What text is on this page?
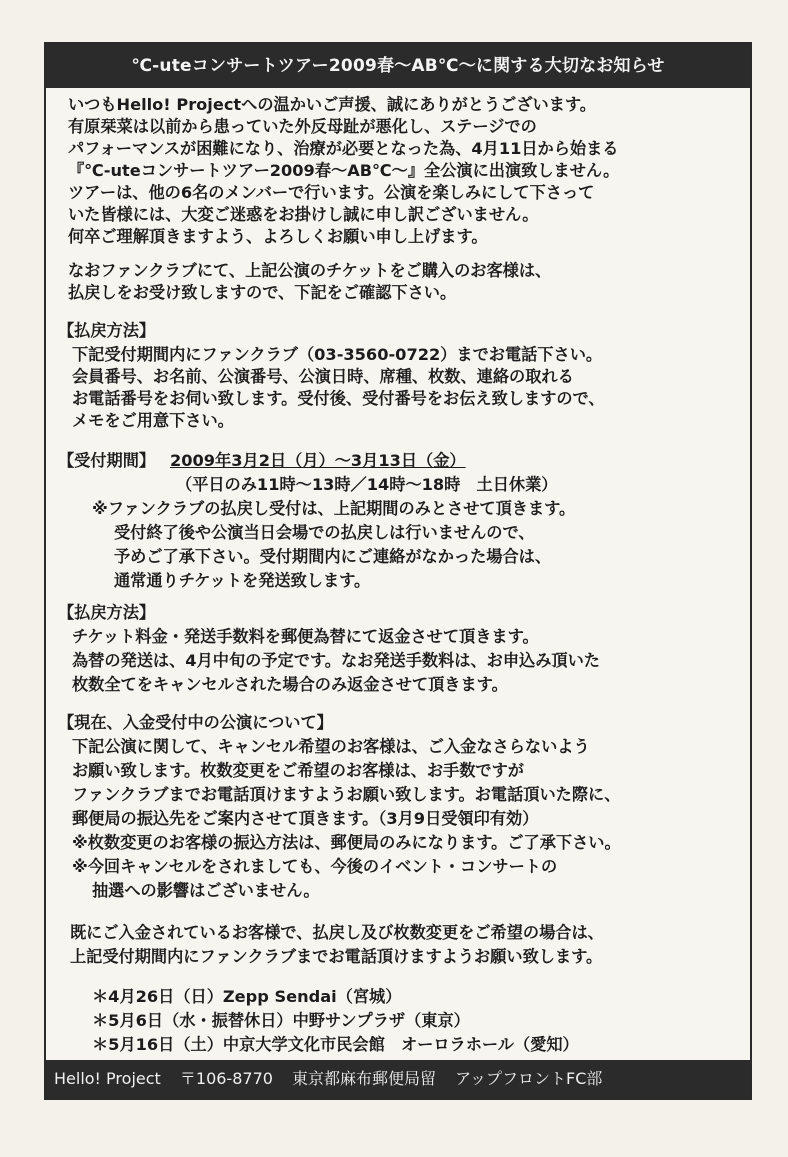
℃-uteコンサートツアー2009春〜AB℃〜に関する大切なお知らせ
いつもHello! Projectへの温かいご声援、誠にありがとうございます。
有原栞菜は以前から患っていた外反母趾が悪化し、ステージでの
パフォーマンスが困難になり、治療が必要となった為、4月11日から始まる
『℃-uteコンサートツアー2009春〜AB℃〜』全公演に出演致しません。
ツアーは、他の6名のメンバーで行います。公演を楽しみにして下さって
いた皆様には、大変ご迷惑をお掛けし誠に申し訳ございません。
何卒ご理解頂きますよう、よろしくお願い申し上げます。
なおファンクラブにて、上記公演のチケットをご購入のお客様は、
払戻しをお受け致しますので、下記をご確認下さい。
【払戻方法】
下記受付期間内にファンクラブ（03-3560-0722）までお電話下さい。
会員番号、お名前、公演番号、公演日時、席種、枚数、連絡の取れる
お電話番号をお伺い致します。受付後、受付番号をお伝え致しますので、
メモをご用意下さい。
【受付期間】 2009年3月2日（月）〜3月13日（金）
（平日のみ11時〜13時／14時〜18時　土日休業）
※ファンクラブの払戻し受付は、上記期間のみとさせて頂きます。
受付終了後や公演当日会場での払戻しは行いませんので、
予めご了承下さい。受付期間内にご連絡がなかった場合は、
通常通りチケットを発送致します。
【払戻方法】
チケット料金・発送手数料を郵便為替にて返金させて頂きます。
為替の発送は、4月中旬の予定です。なお発送手数料は、お申込み頂いた
枚数全てをキャンセルされた場合のみ返金させて頂きます。
【現在、入金受付中の公演について】
下記公演に関して、キャンセル希望のお客様は、ご入金なさらないよう
お願い致します。枚数変更をご希望のお客様は、お手数ですが
ファンクラブまでお電話頂けますようお願い致します。お電話頂いた際に、
郵便局の振込先をご案内させて頂きます。（3月9日受領印有効）
※枚数変更のお客様の振込方法は、郵便局のみになります。ご了承下さい。
※今回キャンセルをされましても、今後のイベント・コンサートの
抽選への影響はございません。
既にご入金されているお客様で、払戻し及び枚数変更をご希望の場合は、
上記受付期間内にファンクラブまでお電話頂けますようお願い致します。
＊4月26日（日）Zepp Sendai（宮城）
＊5月6日（水・振替休日）中野サンプラザ（東京）
＊5月16日（土）中京大学文化市民会館　オーロラホール（愛知）
Hello! Project 〒106-8770 東京都麻布郵便局留 アップフロントFC部
